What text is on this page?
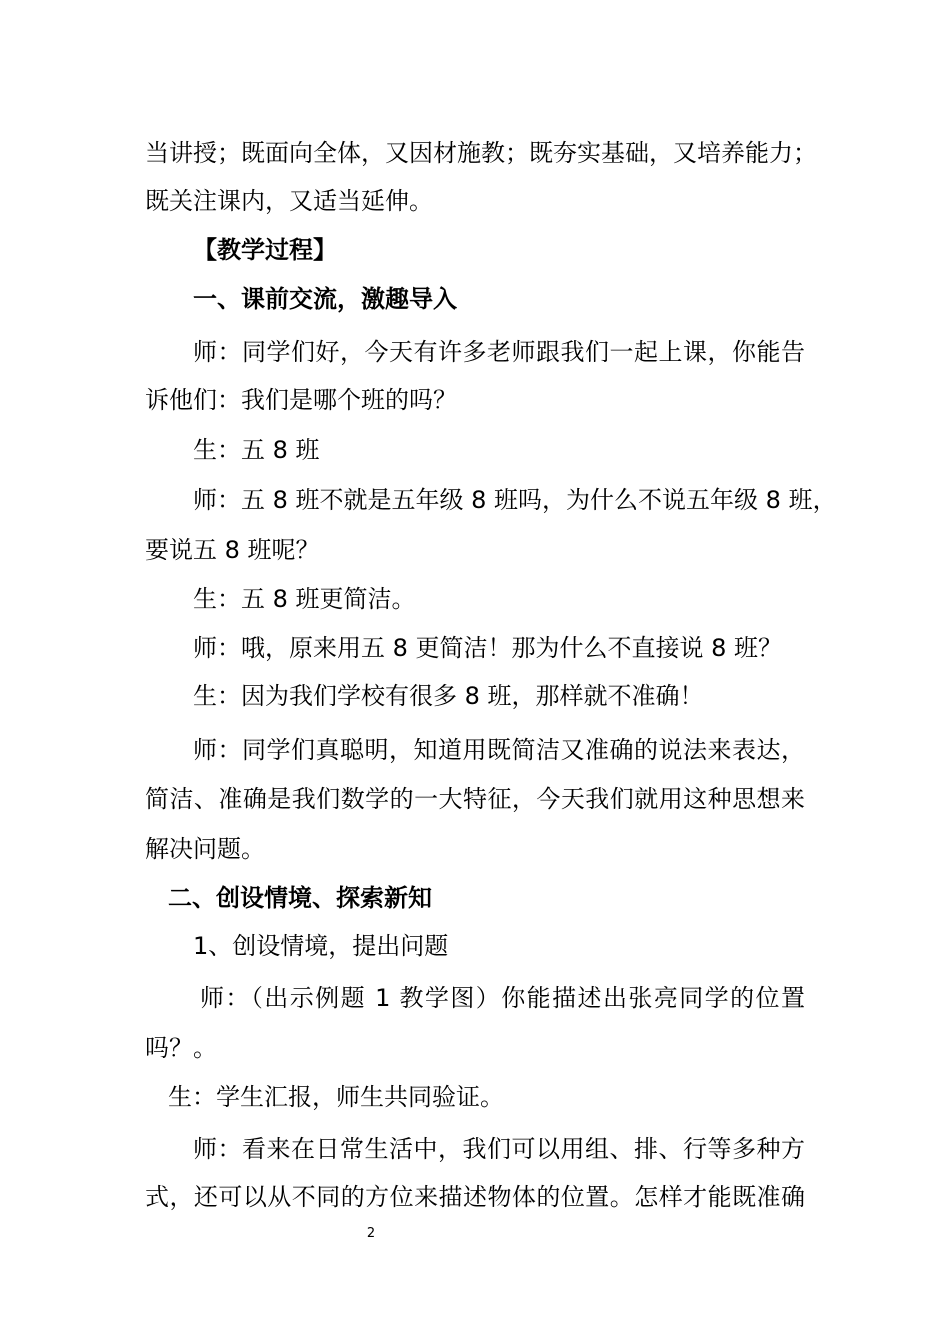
当讲授；既面向全体，又因材施教；既夯实基础，又培养能力；
既关注课内，又适当延伸。
【教学过程】
一、课前交流，激趣导入
师：同学们好，今天有许多老师跟我们一起上课，你能告
诉他们：我们是哪个班的吗？
生：五 8 班
师：五 8 班不就是五年级 8 班吗，为什么不说五年级 8 班，
要说五 8 班呢？
生：五 8 班更简洁。
师：哦，原来用五 8 更简洁！那为什么不直接说 8 班？
生：因为我们学校有很多 8 班，那样就不准确！
师：同学们真聪明，知道用既简洁又准确的说法来表达，
简洁、准确是我们数学的一大特征，今天我们就用这种思想来
解决问题。
二、创设情境、探索新知
1、创设情境，提出问题
师：（出示例题 1 教学图）你能描述出张亮同学的位置
吗？。
生：学生汇报，师生共同验证。
师：看来在日常生活中，我们可以用组、排、行等多种方
式，还可以从不同的方位来描述物体的位置。怎样才能既准确
2
